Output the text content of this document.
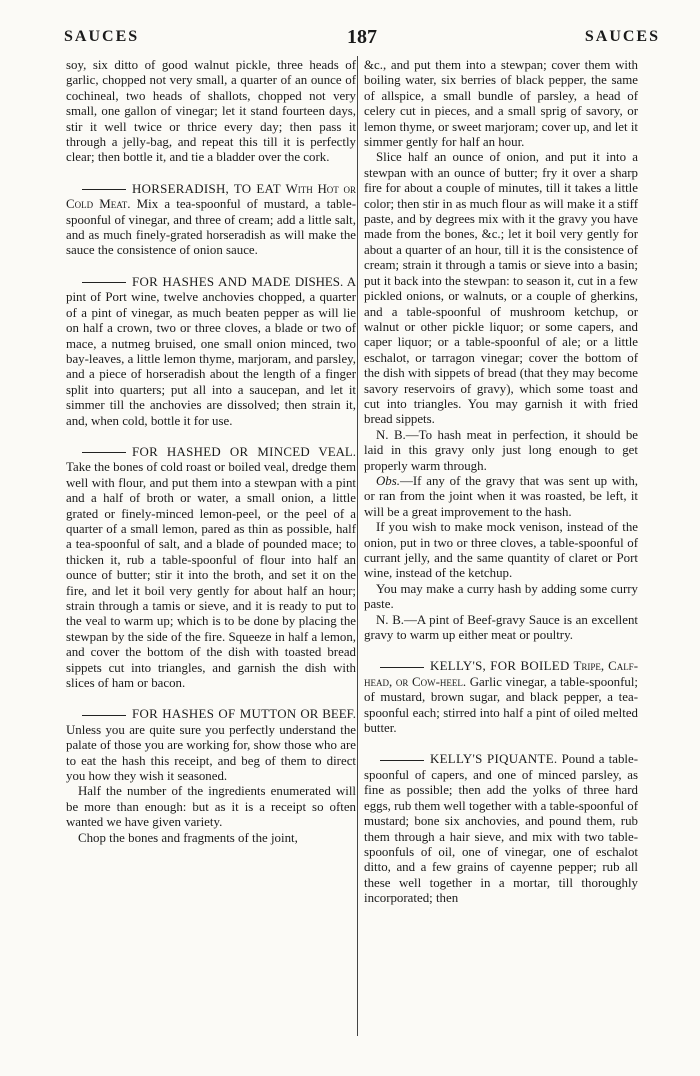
SAUCES	187	SAUCES

soy, six ditto of good walnut pickle, three heads of garlic, chopped not very small, a quarter of an ounce of cochineal, two heads of shallots, chopped not very small, one gallon of vinegar; let it stand fourteen days, stir it well twice or thrice every day; then pass it through a jelly-bag, and repeat this till it is perfectly clear; then bottle it, and tie a bladder over the cork.

HORSERADISH, TO EAT With Hot or Cold Meat. Mix a tea-spoonful of mustard, a table-spoonful of vinegar, and three of cream; add a little salt, and as much finely-grated horseradish as will make the sauce the consistence of onion sauce.

FOR HASHES AND MADE DISHES. A pint of Port wine, twelve anchovies chopped, a quarter of a pint of vinegar, as much beaten pepper as will lie on half a crown, two or three cloves, a blade or two of mace, a nutmeg bruised, one small onion minced, two bay-leaves, a little lemon thyme, marjoram, and parsley, and a piece of horseradish about the length of a finger split into quarters; put all into a saucepan, and let it simmer till the anchovies are dissolved; then strain it, and, when cold, bottle it for use.

FOR HASHED OR MINCED VEAL. Take the bones of cold roast or boiled veal, dredge them well with flour, and put them into a stewpan with a pint and a half of broth or water, a small onion, a little grated or finely-minced lemon-peel, or the peel of a quarter of a small lemon, pared as thin as possible, half a tea-spoonful of salt, and a blade of pounded mace; to thicken it, rub a table-spoonful of flour into half an ounce of butter; stir it into the broth, and set it on the fire, and let it boil very gently for about half an hour; strain through a tamis or sieve, and it is ready to put to the veal to warm up; which is to be done by placing the stewpan by the side of the fire. Squeeze in half a lemon, and cover the bottom of the dish with toasted bread sippets cut into triangles, and garnish the dish with slices of ham or bacon.

FOR HASHES OF MUTTON OR BEEF. Unless you are quite sure you perfectly understand the palate of those you are working for, show those who are to eat the hash this receipt, and beg of them to direct you how they wish it seasoned.

Half the number of the ingredients enumerated will be more than enough: but as it is a receipt so often wanted we have given variety.

Chop the bones and fragments of the joint,

&c., and put them into a stewpan; cover them with boiling water, six berries of black pepper, the same of allspice, a small bundle of parsley, a head of celery cut in pieces, and a small sprig of savory, or lemon thyme, or sweet marjoram; cover up, and let it simmer gently for half an hour.

Slice half an ounce of onion, and put it into a stewpan with an ounce of butter; fry it over a sharp fire for about a couple of minutes, till it takes a little color; then stir in as much flour as will make it a stiff paste, and by degrees mix with it the gravy you have made from the bones, &c.; let it boil very gently for about a quarter of an hour, till it is the consistence of cream; strain it through a tamis or sieve into a basin; put it back into the stewpan: to season it, cut in a few pickled onions, or walnuts, or a couple of gherkins, and a table-spoonful of mushroom ketchup, or walnut or other pickle liquor; or some capers, and caper liquor; or a table-spoonful of ale; or a little eschalot, or tarragon vinegar; cover the bottom of the dish with sippets of bread (that they may become savory reservoirs of gravy), which some toast and cut into triangles. You may garnish it with fried bread sippets.

N. B.—To hash meat in perfection, it should be laid in this gravy only just long enough to get properly warm through.

Obs.—If any of the gravy that was sent up with, or ran from the joint when it was roasted, be left, it will be a great improvement to the hash.

If you wish to make mock venison, instead of the onion, put in two or three cloves, a table-spoonful of currant jelly, and the same quantity of claret or Port wine, instead of the ketchup.

You may make a curry hash by adding some curry paste.

N. B.—A pint of Beef-gravy Sauce is an excellent gravy to warm up either meat or poultry.

KELLY'S, FOR BOILED Tripe, Calf-head, or Cow-heel. Garlic vinegar, a table-spoonful; of mustard, brown sugar, and black pepper, a tea-spoonful each; stirred into half a pint of oiled melted butter.

KELLY'S PIQUANTE. Pound a table-spoonful of capers, and one of minced parsley, as fine as possible; then add the yolks of three hard eggs, rub them well together with a table-spoonful of mustard; bone six anchovies, and pound them, rub them through a hair sieve, and mix with two table-spoonfuls of oil, one of vinegar, one of eschalot ditto, and a few grains of cayenne pepper; rub all these well together in a mortar, till thoroughly incorporated; then
